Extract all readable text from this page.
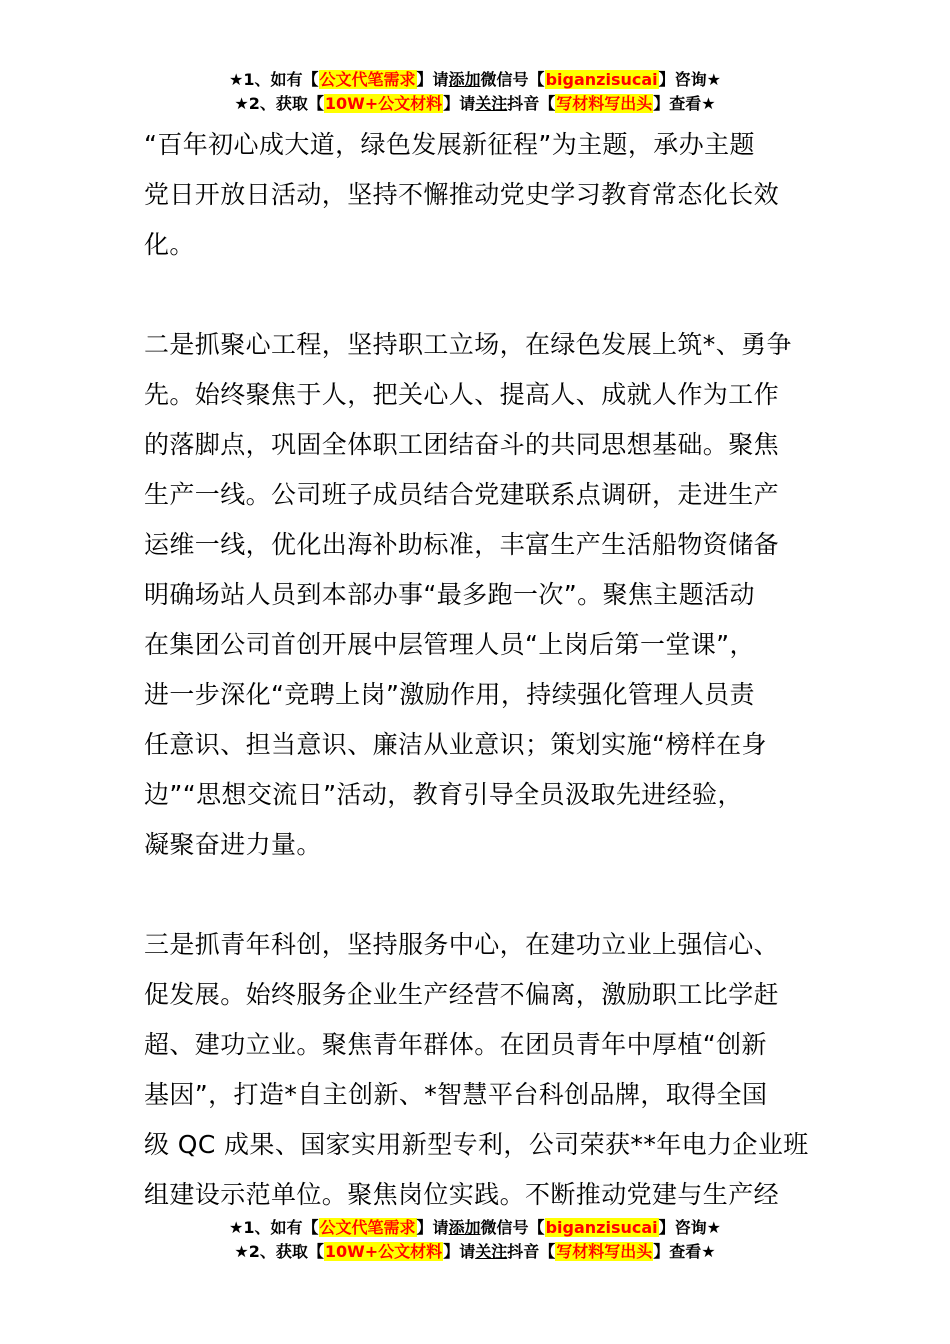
★1、如有【公文代笔需求】请添加微信号【biganzisucai】咨询★
★2、获取【10W+公文材料】请关注抖音【写材料写出头】查看★
“百年初心成大道，绿色发展新征程”为主题，承办主题
党日开放日活动，坚持不懈推动党史学习教育常态化长效
化。
二是抓聚心工程，坚持职工立场，在绿色发展上筑*、勇争
先。始终聚焦于人，把关心人、提高人、成就人作为工作
的落脚点，巩固全体职工团结奋斗的共同思想基础。聚焦
生产一线。公司班子成员结合党建联系点调研，走进生产
运维一线，优化出海补助标准，丰富生产生活船物资储备
明确场站人员到本部办事“最多跑一次”。聚焦主题活动
在集团公司首创开展中层管理人员“上岗后第一堂课”，
进一步深化“竞聘上岗”激励作用，持续强化管理人员责
任意识、担当意识、廉洁从业意识；策划实施“榜样在身
边”“思想交流日”活动，教育引导全员汲取先进经验，
凝聚奋进力量。
三是抓青年科创，坚持服务中心，在建功立业上强信心、
促发展。始终服务企业生产经营不偏离，激励职工比学赶
超、建功立业。聚焦青年群体。在团员青年中厚植“创新
基因”，打造*自主创新、*智慧平台科创品牌，取得全国
级 QC 成果、国家实用新型专利，公司荣获**年电力企业班
组建设示范单位。聚焦岗位实践。不断推动党建与生产经
★1、如有【公文代笔需求】请添加微信号【biganzisucai】咨询★
★2、获取【10W+公文材料】请关注抖音【写材料写出头】查看★
